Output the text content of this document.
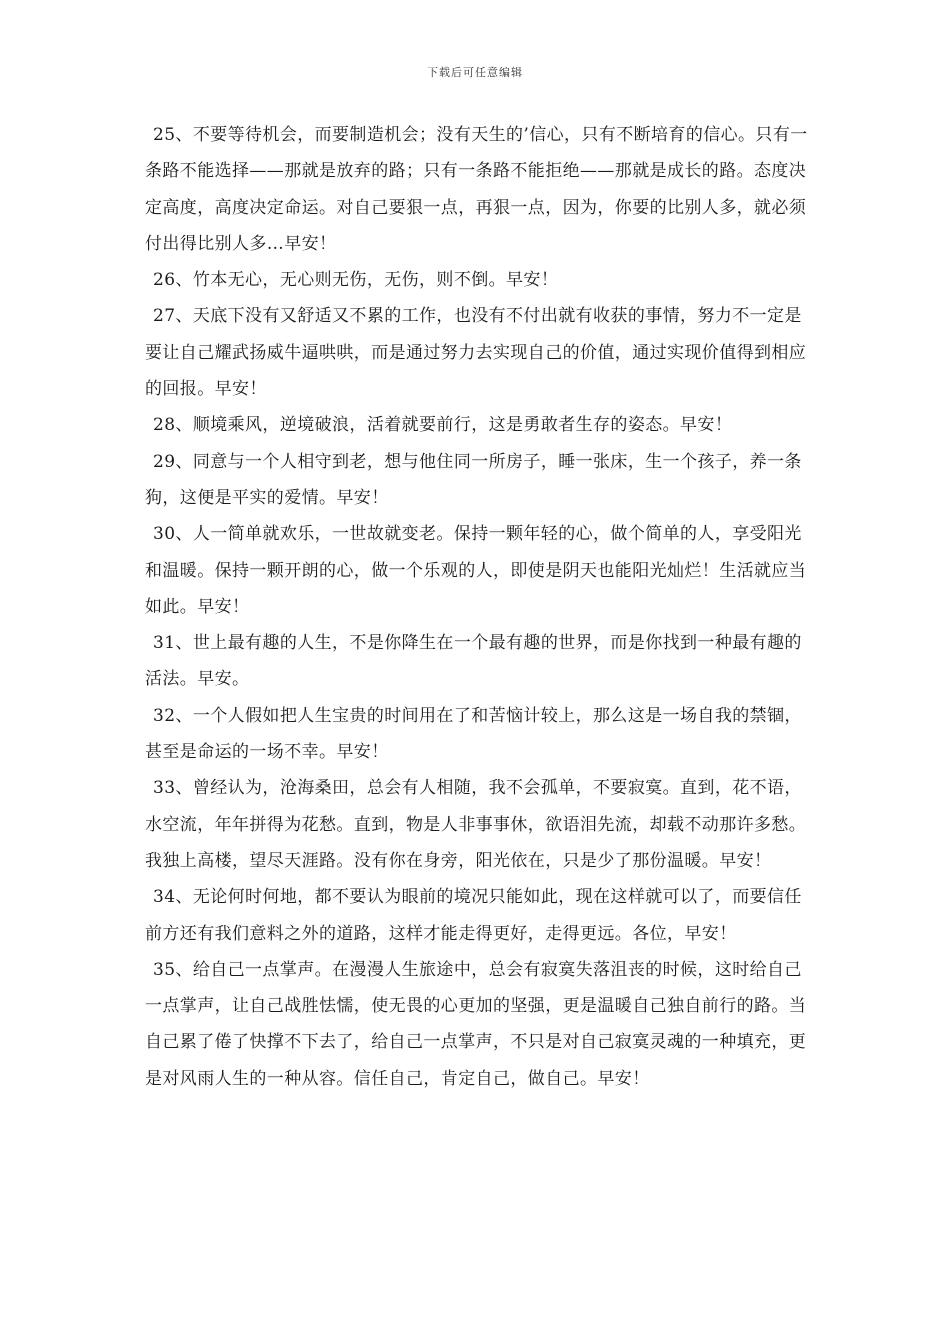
下载后可任意编辑

25、不要等待机会，而要制造机会；没有天生的’信心，只有不断培育的信心。只有一条路不能选择——那就是放弃的路；只有一条路不能拒绝——那就是成长的路。态度决定高度，高度决定命运。对自己要狠一点，再狠一点，因为，你要的比别人多，就必须付出得比别人多…早安！

26、竹本无心，无心则无伤，无伤，则不倒。早安！

27、天底下没有又舒适又不累的工作，也没有不付出就有收获的事情，努力不一定是要让自己耀武扬威牛逼哄哄，而是通过努力去实现自己的价值，通过实现价值得到相应的回报。早安！

28、顺境乘风，逆境破浪，活着就要前行，这是勇敢者生存的姿态。早安！

29、同意与一个人相守到老，想与他住同一所房子，睡一张床，生一个孩子，养一条狗，这便是平实的爱情。早安！

30、人一简单就欢乐，一世故就变老。保持一颗年轻的心，做个简单的人，享受阳光和温暖。保持一颗开朗的心，做一个乐观的人，即使是阴天也能阳光灿烂！生活就应当如此。早安！

31、世上最有趣的人生，不是你降生在一个最有趣的世界，而是你找到一种最有趣的活法。早安。

32、一个人假如把人生宝贵的时间用在了和苦恼计较上，那么这是一场自我的禁锢，甚至是命运的一场不幸。早安！

33、曾经认为，沧海桑田，总会有人相随，我不会孤单，不要寂寞。直到，花不语，水空流，年年拼得为花愁。直到，物是人非事事休，欲语泪先流，却载不动那许多愁。我独上高楼，望尽天涯路。没有你在身旁，阳光依在，只是少了那份温暖。早安！

34、无论何时何地，都不要认为眼前的境况只能如此，现在这样就可以了，而要信任前方还有我们意料之外的道路，这样才能走得更好，走得更远。各位，早安！

35、给自己一点掌声。在漫漫人生旅途中，总会有寂寞失落沮丧的时候，这时给自己一点掌声，让自己战胜怯懦，使无畏的心更加的坚强，更是温暖自己独自前行的路。当自己累了倦了快撑不下去了，给自己一点掌声，不只是对自己寂寞灵魂的一种填充，更是对风雨人生的一种从容。信任自己，肯定自己，做自己。早安！
